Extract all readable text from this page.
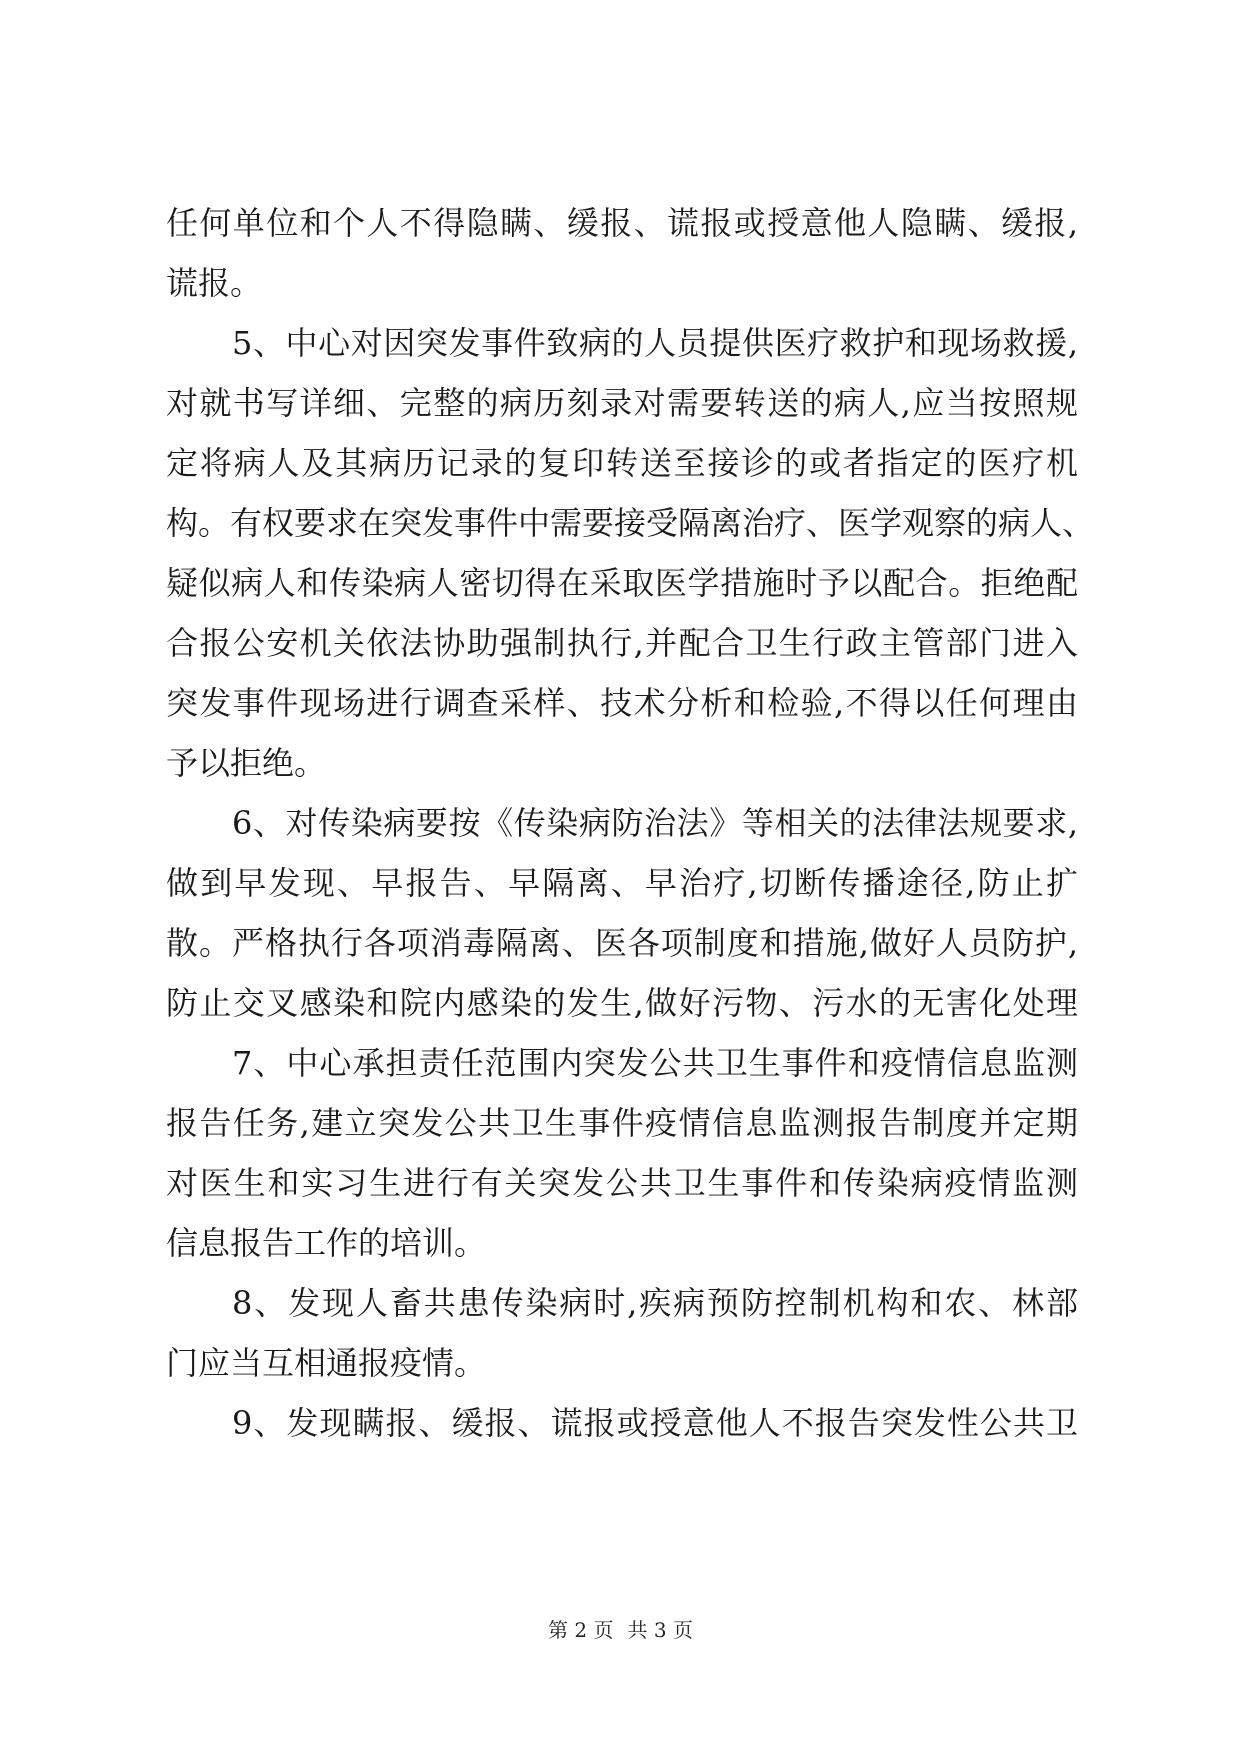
任何单位和个人不得隐瞒、缓报、谎报或授意他人隐瞒、缓报,
谎报。
5、中心对因突发事件致病的人员提供医疗救护和现场救援,
对就书写详细、完整的病历刻录对需要转送的病人,应当按照规
定将病人及其病历记录的复印转送至接诊的或者指定的医疗机
构。有权要求在突发事件中需要接受隔离治疗、医学观察的病人、
疑似病人和传染病人密切得在采取医学措施时予以配合。拒绝配
合报公安机关依法协助强制执行,并配合卫生行政主管部门进入
突发事件现场进行调查采样、技术分析和检验,不得以任何理由
予以拒绝。
6、对传染病要按《传染病防治法》等相关的法律法规要求,
做到早发现、早报告、早隔离、早治疗,切断传播途径,防止扩
散。严格执行各项消毒隔离、医各项制度和措施,做好人员防护,
防止交叉感染和院内感染的发生,做好污物、污水的无害化处理
7、中心承担责任范围内突发公共卫生事件和疫情信息监测
报告任务,建立突发公共卫生事件疫情信息监测报告制度并定期
对医生和实习生进行有关突发公共卫生事件和传染病疫情监测
信息报告工作的培训。
8、发现人畜共患传染病时,疾病预防控制机构和农、林部
门应当互相通报疫情。
9、发现瞒报、缓报、谎报或授意他人不报告突发性公共卫
第 2 页 共 3 页
